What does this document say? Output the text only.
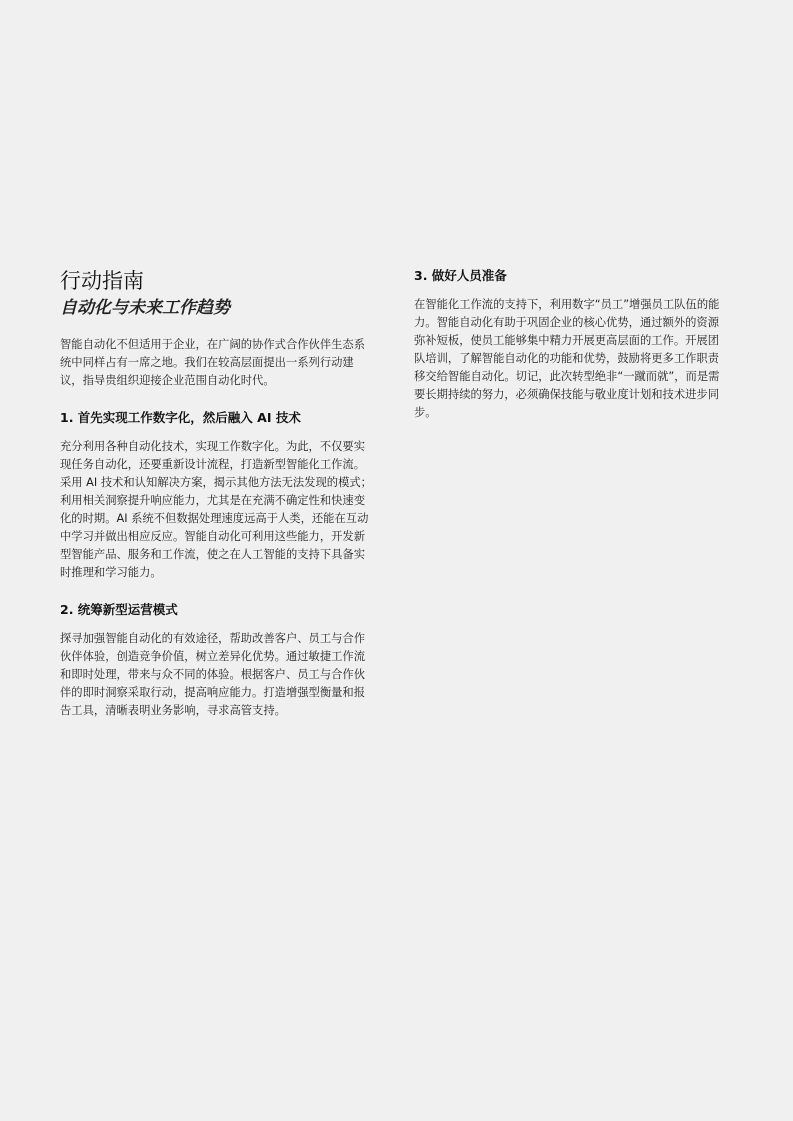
行动指南
自动化与未来工作趋势

智能自动化不但适用于企业，在广阔的协作式合作伙伴生态系统中同样占有一席之地。我们在较高层面提出一系列行动建议，指导贵组织迎接企业范围自动化时代。

1. 首先实现工作数字化，然后融入 AI 技术

充分利用各种自动化技术，实现工作数字化。为此，不仅要实现任务自动化，还要重新设计流程，打造新型智能化工作流。采用 AI 技术和认知解决方案，揭示其他方法无法发现的模式；利用相关洞察提升响应能力，尤其是在充满不确定性和快速变化的时期。AI 系统不但数据处理速度远高于人类，还能在互动中学习并做出相应反应。智能自动化可利用这些能力，开发新型智能产品、服务和工作流，使之在人工智能的支持下具备实时推理和学习能力。

2. 统筹新型运营模式

探寻加强智能自动化的有效途径，帮助改善客户、员工与合作伙伴体验，创造竞争价值，树立差异化优势。通过敏捷工作流和即时处理，带来与众不同的体验。根据客户、员工与合作伙伴的即时洞察采取行动，提高响应能力。打造增强型衡量和报告工具，清晰表明业务影响，寻求高管支持。

3. 做好人员准备

在智能化工作流的支持下，利用数字“员工”增强员工队伍的能力。智能自动化有助于巩固企业的核心优势，通过额外的资源弥补短板，使员工能够集中精力开展更高层面的工作。开展团队培训，了解智能自动化的功能和优势，鼓励将更多工作职责移交给智能自动化。切记，此次转型绝非“一蹴而就”，而是需要长期持续的努力，必须确保技能与敬业度计划和技术进步同步。
